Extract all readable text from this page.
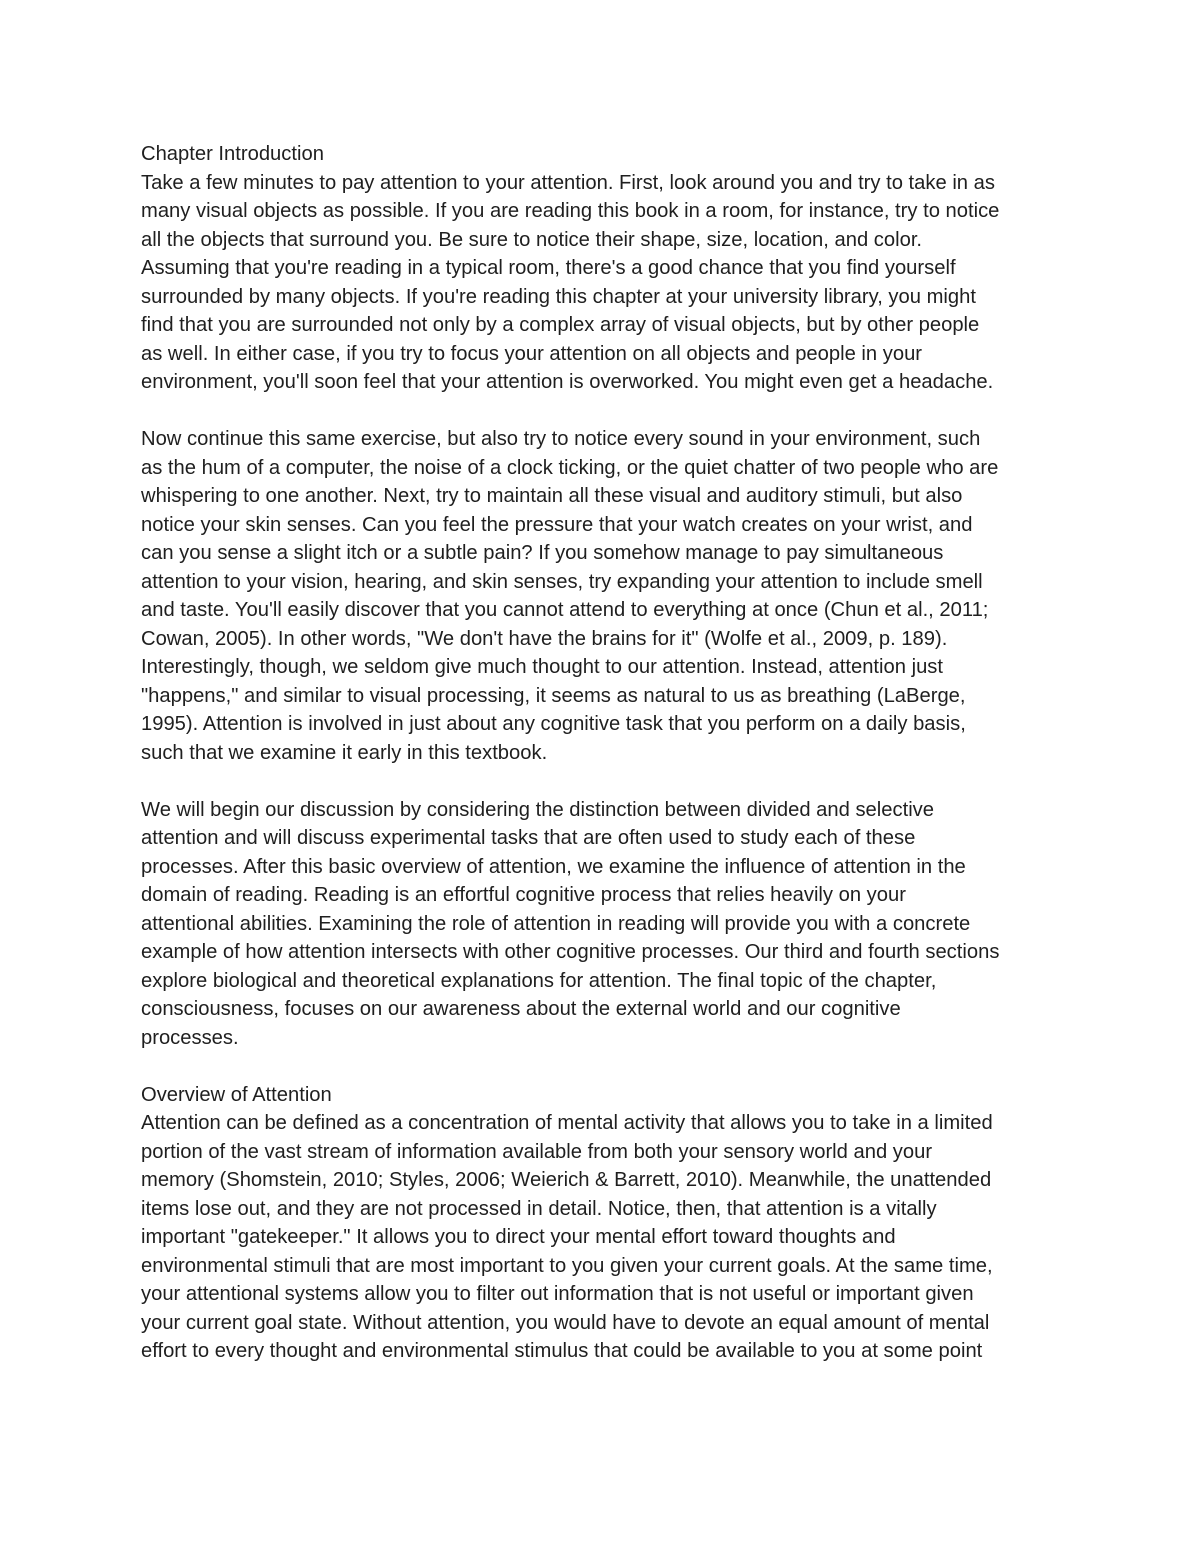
Chapter Introduction

Take a few minutes to pay attention to your attention. First, look around you and try to take in as
many visual objects as possible. If you are reading this book in a room, for instance, try to notice
all the objects that surround you. Be sure to notice their shape, size, location, and color.
Assuming that you're reading in a typical room, there's a good chance that you find yourself
surrounded by many objects. If you're reading this chapter at your university library, you might
find that you are surrounded not only by a complex array of visual objects, but by other people
as well. In either case, if you try to focus your attention on all objects and people in your
environment, you'll soon feel that your attention is overworked. You might even get a headache.

Now continue this same exercise, but also try to notice every sound in your environment, such
as the hum of a computer, the noise of a clock ticking, or the quiet chatter of two people who are
whispering to one another. Next, try to maintain all these visual and auditory stimuli, but also
notice your skin senses. Can you feel the pressure that your watch creates on your wrist, and
can you sense a slight itch or a subtle pain? If you somehow manage to pay simultaneous
attention to your vision, hearing, and skin senses, try expanding your attention to include smell
and taste. You'll easily discover that you cannot attend to everything at once (Chun et al., 2011;
Cowan, 2005). In other words, "We don't have the brains for it" (Wolfe et al., 2009, p. 189).
Interestingly, though, we seldom give much thought to our attention. Instead, attention just
"happens," and similar to visual processing, it seems as natural to us as breathing (LaBerge,
1995). Attention is involved in just about any cognitive task that you perform on a daily basis,
such that we examine it early in this textbook.

We will begin our discussion by considering the distinction between divided and selective
attention and will discuss experimental tasks that are often used to study each of these
processes. After this basic overview of attention, we examine the influence of attention in the
domain of reading. Reading is an effortful cognitive process that relies heavily on your
attentional abilities. Examining the role of attention in reading will provide you with a concrete
example of how attention intersects with other cognitive processes. Our third and fourth sections
explore biological and theoretical explanations for attention. The final topic of the chapter,
consciousness, focuses on our awareness about the external world and our cognitive
processes.

Overview of Attention

Attention can be defined as a concentration of mental activity that allows you to take in a limited
portion of the vast stream of information available from both your sensory world and your
memory (Shomstein, 2010; Styles, 2006; Weierich & Barrett, 2010). Meanwhile, the unattended
items lose out, and they are not processed in detail. Notice, then, that attention is a vitally
important "gatekeeper." It allows you to direct your mental effort toward thoughts and
environmental stimuli that are most important to you given your current goals. At the same time,
your attentional systems allow you to filter out information that is not useful or important given
your current goal state. Without attention, you would have to devote an equal amount of mental
effort to every thought and environmental stimulus that could be available to you at some point
